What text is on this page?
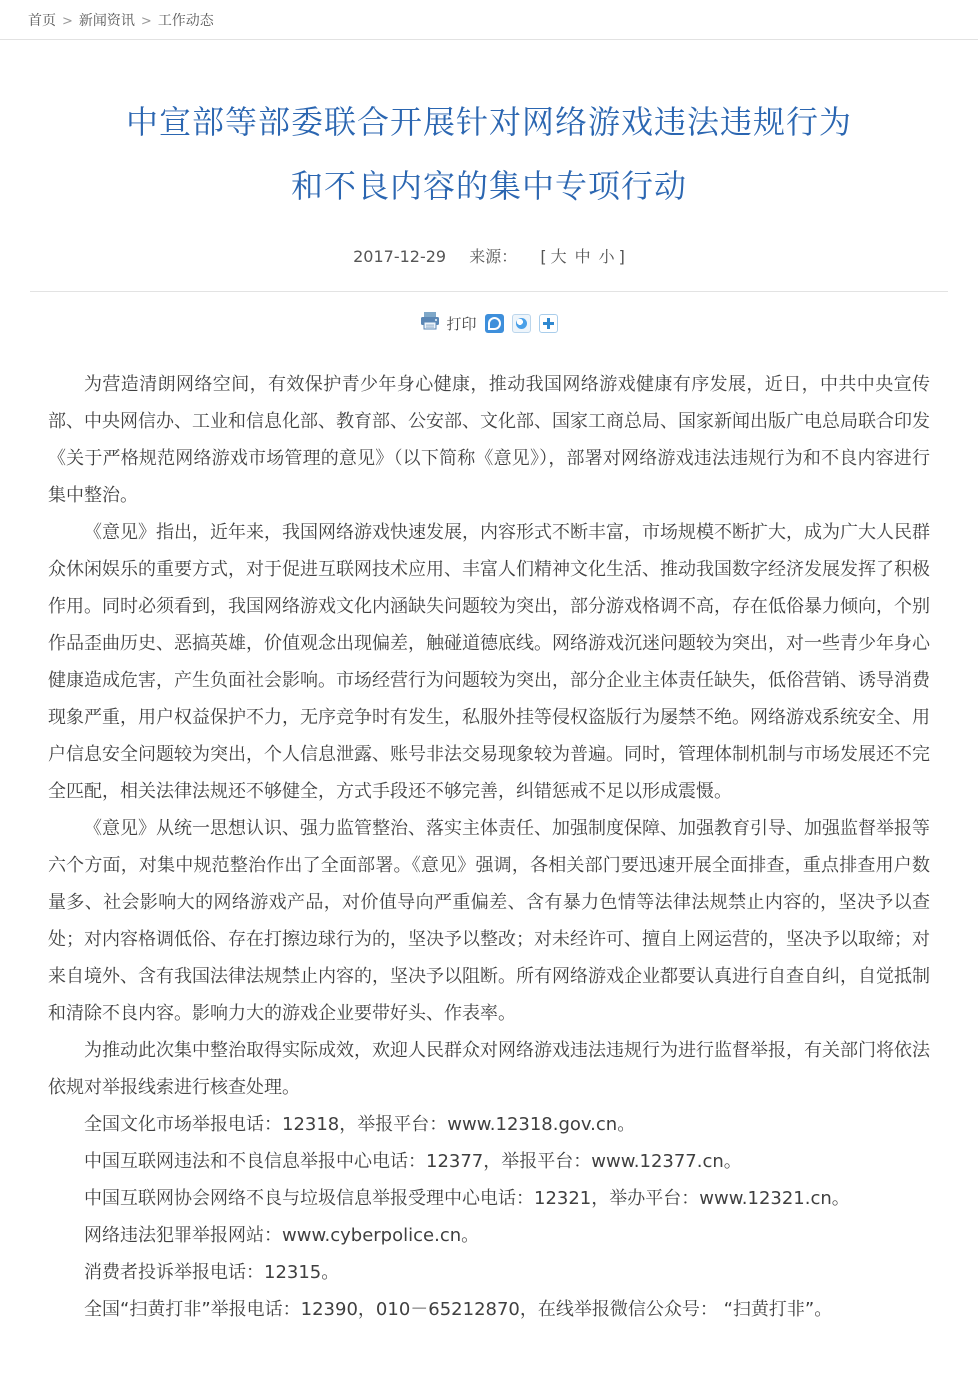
首页 > 新闻资讯 > 工作动态
中宣部等部委联合开展针对网络游戏违法违规行为
和不良内容的集中专项行动
2017-12-29 来源： [ 大 中 小 ]
打印

为营造清朗网络空间，有效保护青少年身心健康，推动我国网络游戏健康有序发展，近日，中共中央宣传部、中央网信办、工业和信息化部、教育部、公安部、文化部、国家工商总局、国家新闻出版广电总局联合印发《关于严格规范网络游戏市场管理的意见》（以下简称《意见》），部署对网络游戏违法违规行为和不良内容进行集中整治。

《意见》指出，近年来，我国网络游戏快速发展，内容形式不断丰富，市场规模不断扩大，成为广大人民群众休闲娱乐的重要方式，对于促进互联网技术应用、丰富人们精神文化生活、推动我国数字经济发展发挥了积极作用。同时必须看到，我国网络游戏文化内涵缺失问题较为突出，部分游戏格调不高，存在低俗暴力倾向，个别作品歪曲历史、恶搞英雄，价值观念出现偏差，触碰道德底线。网络游戏沉迷问题较为突出，对一些青少年身心健康造成危害，产生负面社会影响。市场经营行为问题较为突出，部分企业主体责任缺失，低俗营销、诱导消费现象严重，用户权益保护不力，无序竞争时有发生，私服外挂等侵权盗版行为屡禁不绝。网络游戏系统安全、用户信息安全问题较为突出，个人信息泄露、账号非法交易现象较为普遍。同时，管理体制机制与市场发展还不完全匹配，相关法律法规还不够健全，方式手段还不够完善，纠错惩戒不足以形成震慑。

《意见》从统一思想认识、强力监管整治、落实主体责任、加强制度保障、加强教育引导、加强监督举报等六个方面，对集中规范整治作出了全面部署。《意见》强调，各相关部门要迅速开展全面排查，重点排查用户数量多、社会影响大的网络游戏产品，对价值导向严重偏差、含有暴力色情等法律法规禁止内容的，坚决予以查处；对内容格调低俗、存在打擦边球行为的，坚决予以整改；对未经许可、擅自上网运营的，坚决予以取缔；对来自境外、含有我国法律法规禁止内容的，坚决予以阻断。所有网络游戏企业都要认真进行自查自纠，自觉抵制和清除不良内容。影响力大的游戏企业要带好头、作表率。

为推动此次集中整治取得实际成效，欢迎人民群众对网络游戏违法违规行为进行监督举报，有关部门将依法依规对举报线索进行核查处理。

全国文化市场举报电话：12318，举报平台：www.12318.gov.cn。

中国互联网违法和不良信息举报中心电话：12377，举报平台：www.12377.cn。

中国互联网协会网络不良与垃圾信息举报受理中心电话：12321，举办平台：www.12321.cn。

网络违法犯罪举报网站：www.cyberpolice.cn。

消费者投诉举报电话：12315。

全国“扫黄打非”举报电话：12390，010－65212870，在线举报微信公众号： “扫黄打非”。
